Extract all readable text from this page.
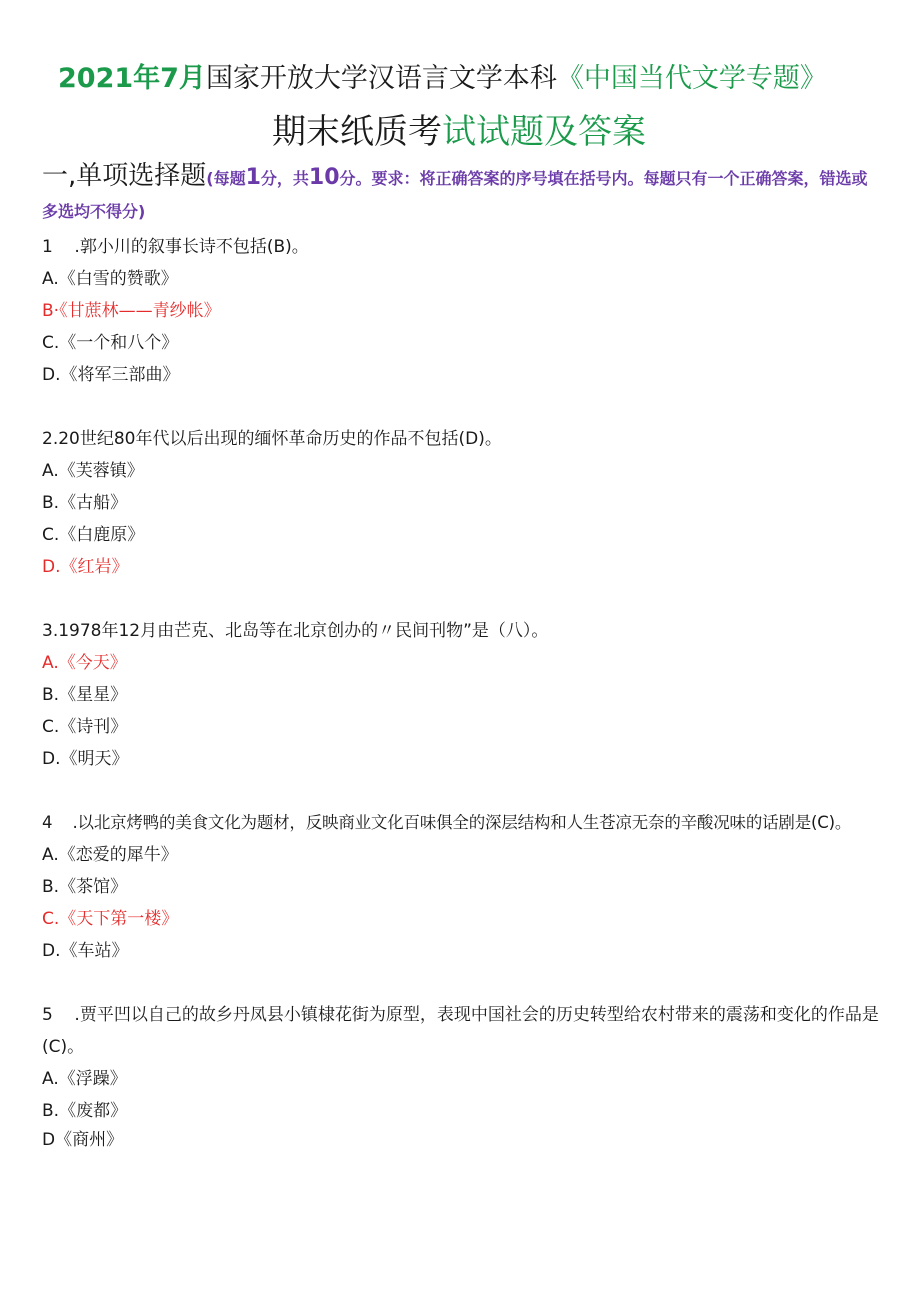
2021年7月国家开放大学汉语言文学本科《中国当代文学专题》
期末纸质考试试题及答案
一,单项选择题(每题1分，共10分。要求：将正确答案的序号填在括号内。每题只有一个正确答案，错选或多选均不得分)
1    .郭小川的叙事长诗不包括(B)。
A.《白雪的赞歌》
B·《甘蔗林——青纱帐》
C.《一个和八个》
D.《将军三部曲》
2.20世纪80年代以后出现的缅怀革命历史的作品不包括(D)。
A.《芙蓉镇》
B.《古船》
C.《白鹿原》
D.《红岩》
3.1978年12月由芒克、北岛等在北京创办的〃民间刊物”是（八）。
A.《今天》
B.《星星》
C.《诗刊》
D.《明天》
4    .以北京烤鸭的美食文化为题材，反映商业文化百味俱全的深层结构和人生苍凉无奈的辛酸况味的话剧是(C)。
A.《恋爱的犀牛》
B.《茶馆》
C.《天下第一楼》
D.《车站》
5    .贾平凹以自己的故乡丹凤县小镇棣花街为原型，表现中国社会的历史转型给农村带来的震荡和变化的作品是(C)。
A.《浮躁》
B.《废都》
D《商州》
